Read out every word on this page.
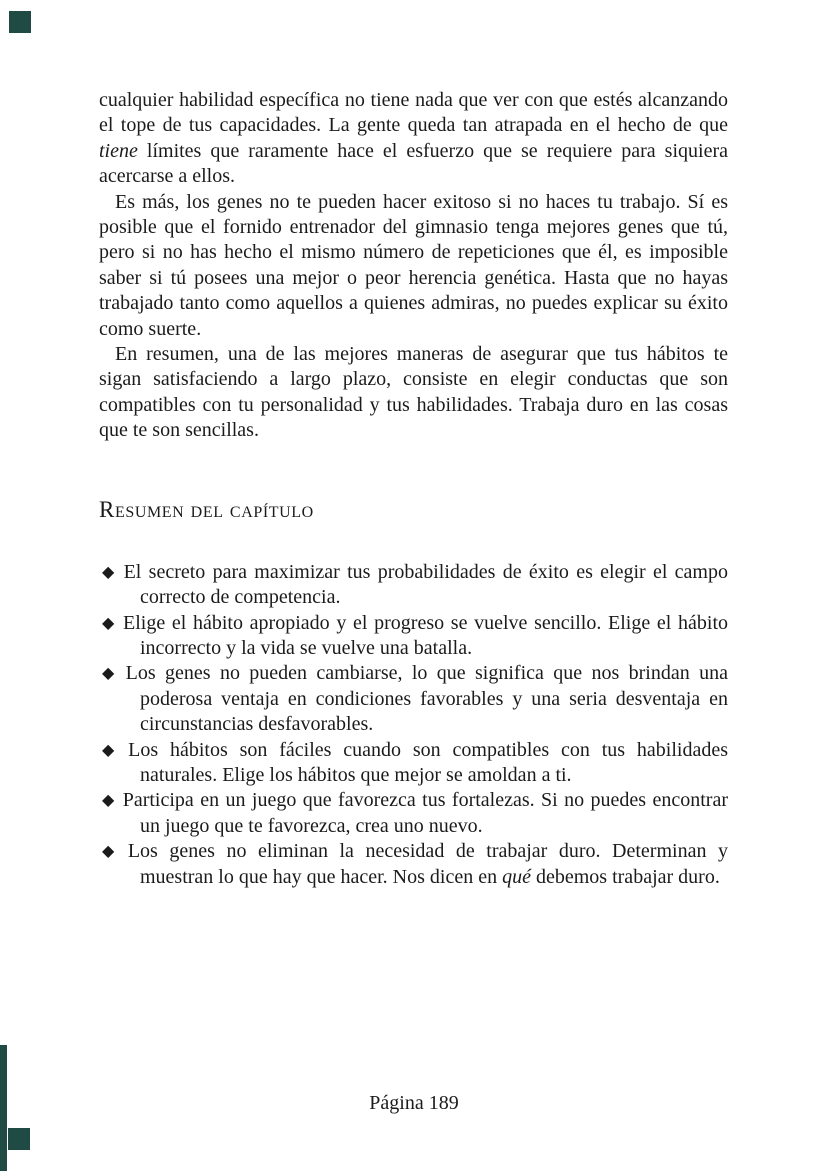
cualquier habilidad específica no tiene nada que ver con que estés alcanzando el tope de tus capacidades. La gente queda tan atrapada en el hecho de que tiene límites que raramente hace el esfuerzo que se requiere para siquiera acercarse a ellos.

Es más, los genes no te pueden hacer exitoso si no haces tu trabajo. Sí es posible que el fornido entrenador del gimnasio tenga mejores genes que tú, pero si no has hecho el mismo número de repeticiones que él, es imposible saber si tú posees una mejor o peor herencia genética. Hasta que no hayas trabajado tanto como aquellos a quienes admiras, no puedes explicar su éxito como suerte.

En resumen, una de las mejores maneras de asegurar que tus hábitos te sigan satisfaciendo a largo plazo, consiste en elegir conductas que son compatibles con tu personalidad y tus habilidades. Trabaja duro en las cosas que te son sencillas.

Resumen del capítulo
◆ El secreto para maximizar tus probabilidades de éxito es elegir el campo correcto de competencia.
◆ Elige el hábito apropiado y el progreso se vuelve sencillo. Elige el hábito incorrecto y la vida se vuelve una batalla.
◆ Los genes no pueden cambiarse, lo que significa que nos brindan una poderosa ventaja en condiciones favorables y una seria desventaja en circunstancias desfavorables.
◆ Los hábitos son fáciles cuando son compatibles con tus habilidades naturales. Elige los hábitos que mejor se amoldan a ti.
◆ Participa en un juego que favorezca tus fortalezas. Si no puedes encontrar un juego que te favorezca, crea uno nuevo.
◆ Los genes no eliminan la necesidad de trabajar duro. Determinan y muestran lo que hay que hacer. Nos dicen en qué debemos trabajar duro.
Página 189
